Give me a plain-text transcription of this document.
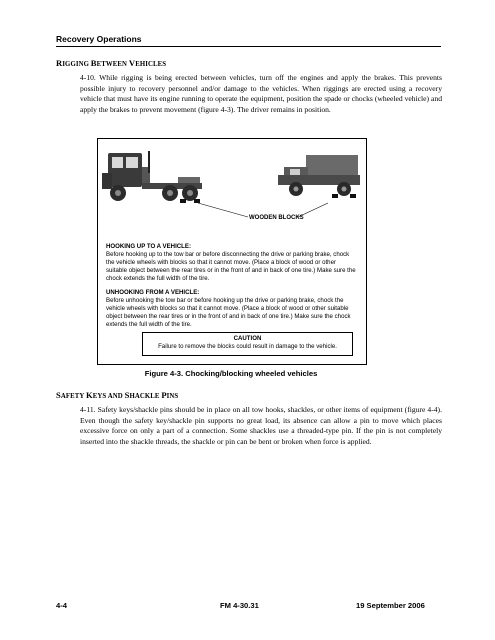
Recovery Operations
RIGGING BETWEEN VEHICLES

4-10. While rigging is being erected between vehicles, turn off the engines and apply the brakes. This prevents possible injury to recovery personnel and/or damage to the vehicles. When riggings are erected using a recovery vehicle that must have its engine running to operate the equipment, position the spade or chocks (wheeled vehicle) and apply the brakes to prevent movement (figure 4-3). The driver remains in position.

WOODEN BLOCKS
HOOKING UP TO A VEHICLE:
Before hooking up to the tow bar or before disconnecting the drive or parking brake, chock the vehicle wheels with blocks so that it cannot move. (Place a block of wood or other suitable object between the rear tires or in the front of and in back of one tire.) Make sure the chock extends the full width of the tire.
UNHOOKING FROM A VEHICLE:
Before unhooking the tow bar or before hooking up the drive or parking brake, chock the vehicle wheels with blocks so that it cannot move. (Place a block of wood or other suitable object between the rear tires or in the front of and in back of one tire.) Make sure the chock extends the full width of the tire.
CAUTION
Failure to remove the blocks could result in damage to the vehicle.
Figure 4-3. Chocking/blocking wheeled vehicles
SAFETY KEYS AND SHACKLE PINS

4-11. Safety keys/shackle pins should be in place on all tow hooks, shackles, or other items of equipment (figure 4-4). Even though the safety key/shackle pin supports no great load, its absence can allow a pin to move which places excessive force on only a part of a connection. Some shackles use a threaded-type pin. If the pin is not completely inserted into the shackle threads, the shackle or pin can be bent or broken when force is applied.

4-4	FM 4-30.31	19 September 2006
